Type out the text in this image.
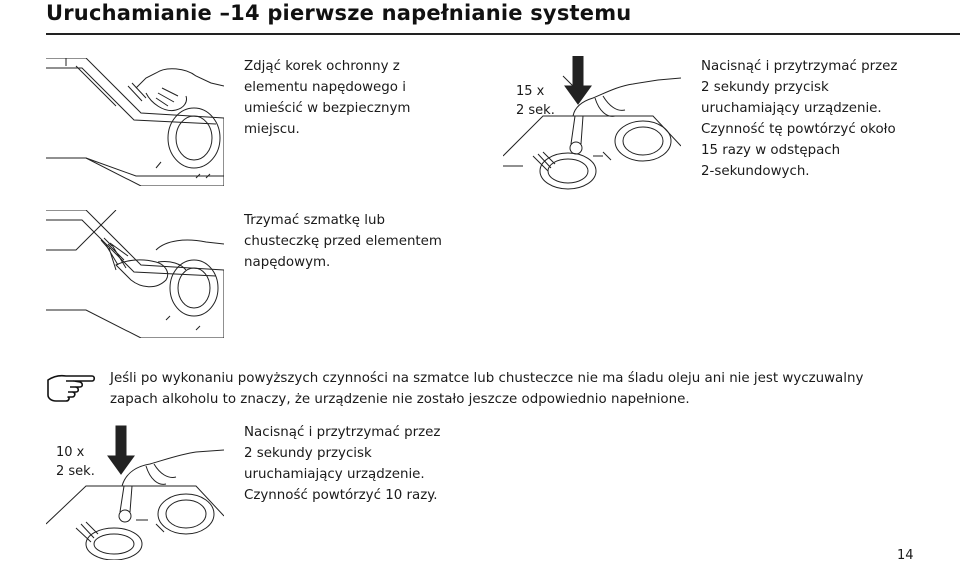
Uruchamianie –14 pierwsze napełnianie systemu
Zdjąć korek ochronny z
elementu napędowego i
umieścić w bezpiecznym
miejscu.
15 x
2 sek.
Nacisnąć i przytrzymać przez
2 sekundy przycisk
uruchamiający urządzenie.
Czynność tę powtórzyć około
15 razy w odstępach
2-sekundowych.
Trzymać szmatkę lub
chusteczkę przed elementem
napędowym.
Jeśli po wykonaniu powyższych czynności na szmatce lub chusteczce nie ma śladu oleju ani nie jest wyczuwalny
zapach alkoholu to znaczy, że urządzenie nie zostało jeszcze odpowiednio napełnione.
10 x
2 sek.
Nacisnąć i przytrzymać przez
2 sekundy przycisk
uruchamiający urządzenie.
Czynność powtórzyć 10 razy.
14
